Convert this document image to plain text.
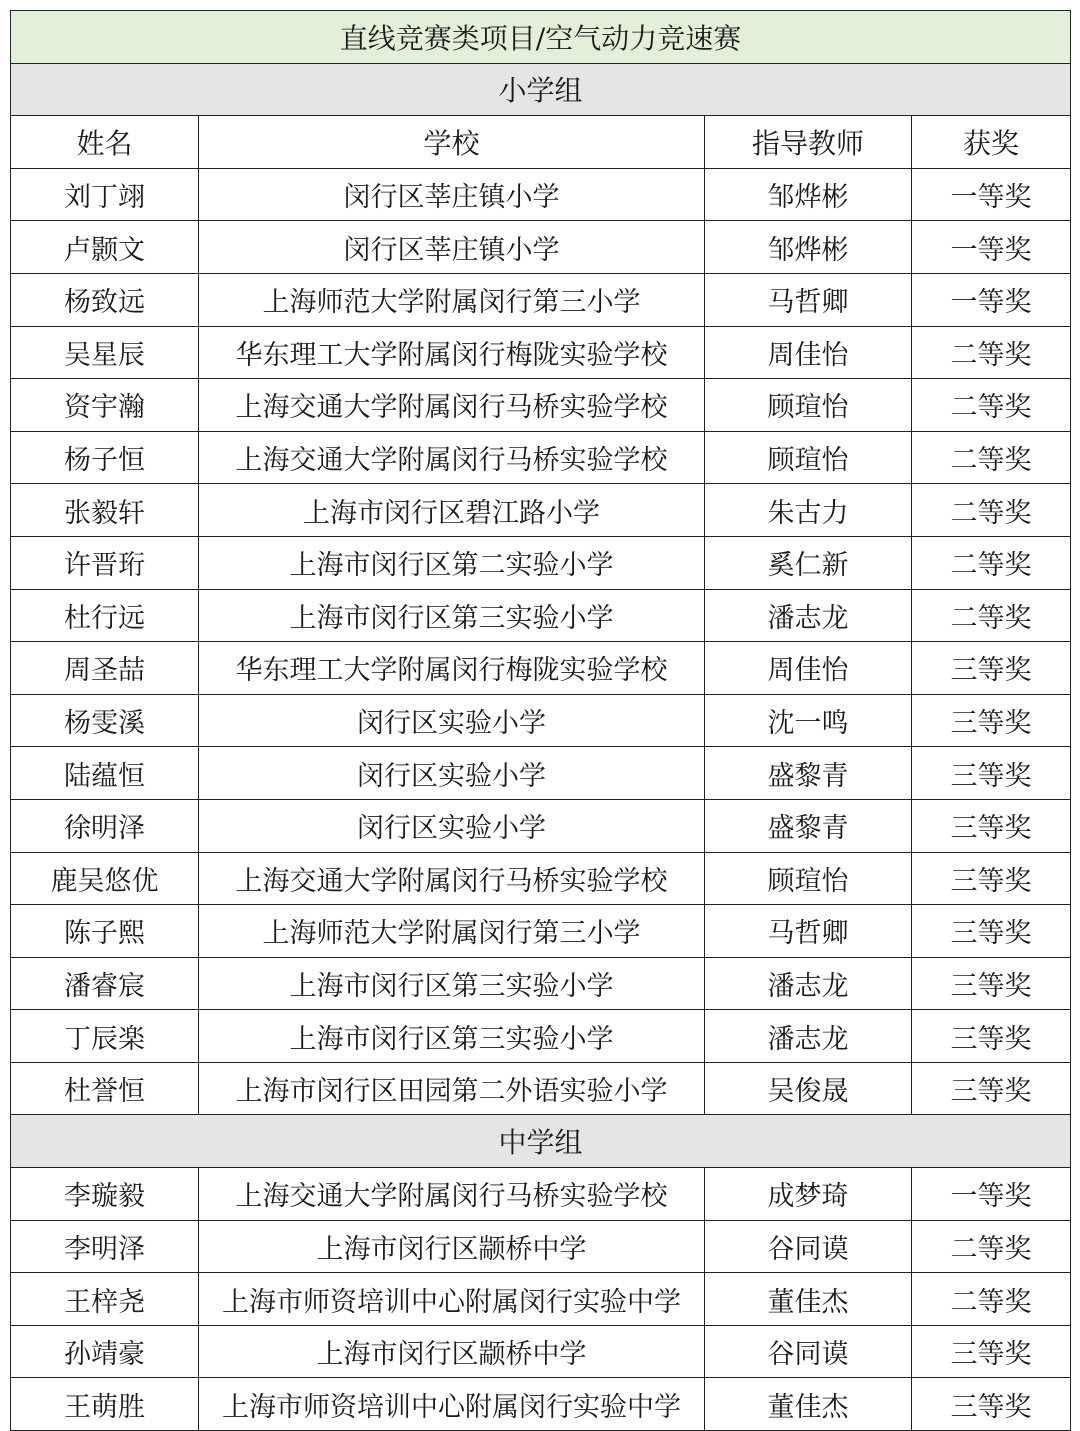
直线竞赛类项目/空气动力竞速赛			
小学组			
姓名	学校	指导教师	获奖
刘丁翊	闵行区莘庄镇小学	邹烨彬	一等奖
卢颢文	闵行区莘庄镇小学	邹烨彬	一等奖
杨致远	上海师范大学附属闵行第三小学	马哲卿	一等奖
吴星辰	华东理工大学附属闵行梅陇实验学校	周佳怡	二等奖
资宇瀚	上海交通大学附属闵行马桥实验学校	顾瑄怡	二等奖
杨子恒	上海交通大学附属闵行马桥实验学校	顾瑄怡	二等奖
张毅轩	上海市闵行区碧江路小学	朱古力	二等奖
许晋珩	上海市闵行区第二实验小学	奚仁新	二等奖
杜行远	上海市闵行区第三实验小学	潘志龙	二等奖
周圣喆	华东理工大学附属闵行梅陇实验学校	周佳怡	三等奖
杨雯溪	闵行区实验小学	沈一鸣	三等奖
陆蕴恒	闵行区实验小学	盛黎青	三等奖
徐明泽	闵行区实验小学	盛黎青	三等奖
鹿吴悠优	上海交通大学附属闵行马桥实验学校	顾瑄怡	三等奖
陈子熙	上海师范大学附属闵行第三小学	马哲卿	三等奖
潘睿宸	上海市闵行区第三实验小学	潘志龙	三等奖
丁辰楽	上海市闵行区第三实验小学	潘志龙	三等奖
杜誉恒	上海市闵行区田园第二外语实验小学	吴俊晟	三等奖
中学组			
李璇毅	上海交通大学附属闵行马桥实验学校	成梦琦	一等奖
李明泽	上海市闵行区颛桥中学	谷同谟	二等奖
王梓尧	上海市师资培训中心附属闵行实验中学	董佳杰	二等奖
孙靖豪	上海市闵行区颛桥中学	谷同谟	三等奖
王萌胜	上海市师资培训中心附属闵行实验中学	董佳杰	三等奖
